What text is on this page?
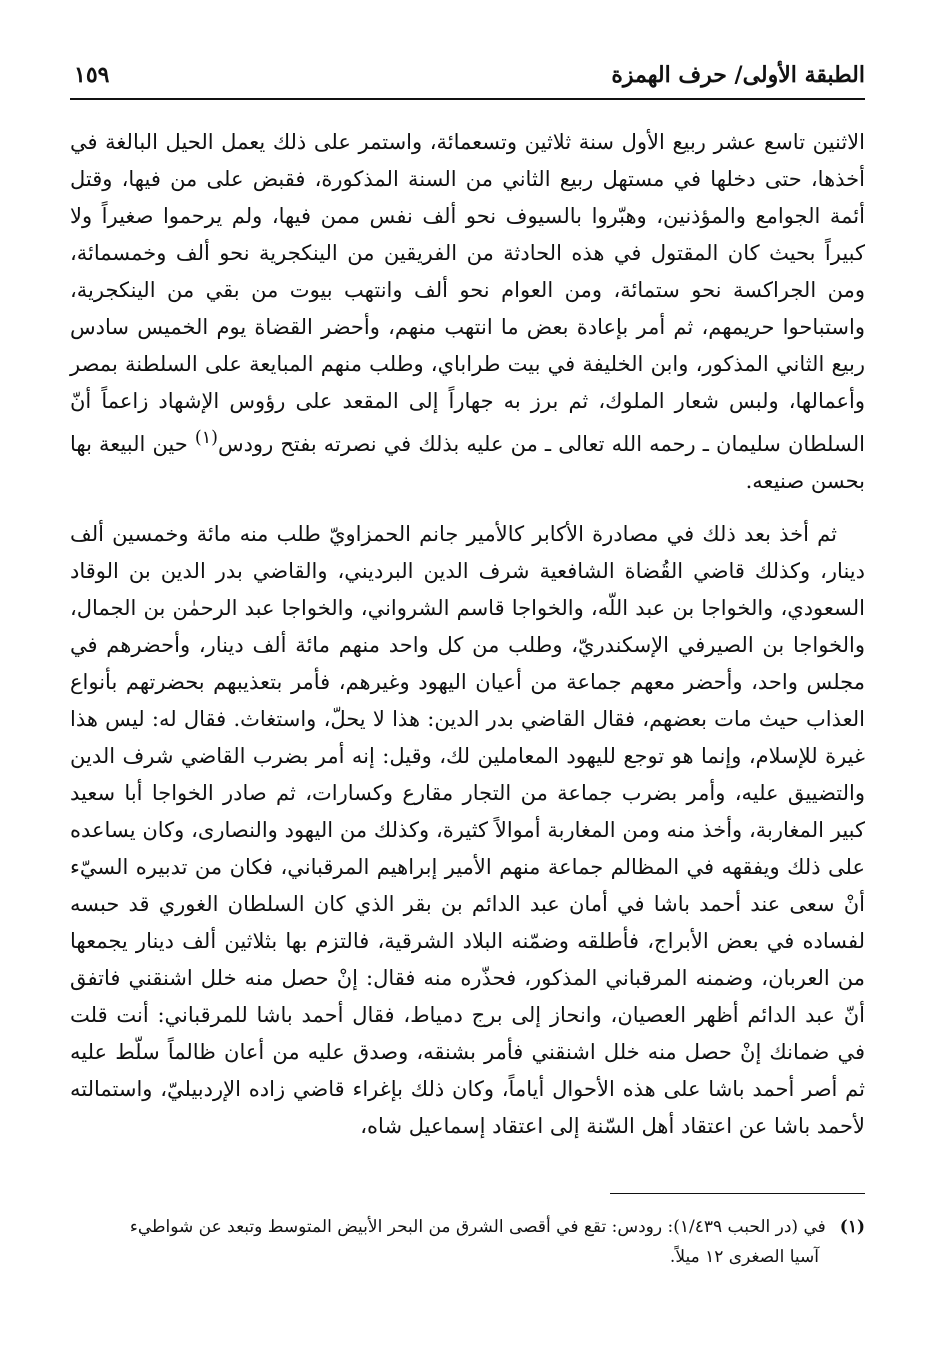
الطبقة الأولى/ حرف الهمزة
١٥٩

الاثنين تاسع عشر ربيع الأول سنة ثلاثين وتسعمائة، واستمر على ذلك يعمل الحيل البالغة في أخذها، حتى دخلها في مستهل ربيع الثاني من السنة المذكورة، فقبض على من فيها، وقتل أئمة الجوامع والمؤذنين، وهبّروا بالسيوف نحو ألف نفس ممن فيها، ولم يرحموا صغيراً ولا كبيراً بحيث كان المقتول في هذه الحادثة من الفريقين من الينكجرية نحو ألف وخمسمائة، ومن الجراكسة نحو ستمائة، ومن العوام نحو ألف وانتهب بيوت من بقي من الينكجرية، واستباحوا حريمهم، ثم أمر بإعادة بعض ما انتهب منهم، وأحضر القضاة يوم الخميس سادس ربيع الثاني المذكور، وابن الخليفة في بيت طراباي، وطلب منهم المبايعة على السلطنة بمصر وأعمالها، ولبس شعار الملوك، ثم برز به جهاراً إلى المقعد على رؤوس الإشهاد زاعماً أنّ السلطان سليمان ـ رحمه الله تعالى ـ من عليه بذلك في نصرته بفتح رودس$^{(١)}$ حين البيعة بها بحسن صنيعه.

ثم أخذ بعد ذلك في مصادرة الأكابر كالأمير جانم الحمزاويّ طلب منه مائة وخمسين ألف دينار، وكذلك قاضي القُضاة الشافعية شرف الدين البرديني، والقاضي بدر الدين بن الوقاد السعودي، والخواجا بن عبد اللّه، والخواجا قاسم الشرواني، والخواجا عبد الرحمٰن بن الجمال، والخواجا بن الصيرفي الإسكندريّ، وطلب من كل واحد منهم مائة ألف دينار، وأحضرهم في مجلس واحد، وأحضر معهم جماعة من أعيان اليهود وغيرهم، فأمر بتعذيبهم بحضرتهم بأنواع العذاب حيث مات بعضهم، فقال القاضي بدر الدين: هذا لا يحلّ، واستغاث. فقال له: ليس هذا غيرة للإسلام، وإنما هو توجع لليهود المعاملين لك، وقيل: إنه أمر بضرب القاضي شرف الدين والتضييق عليه، وأمر بضرب جماعة من التجار مقارع وكسارات، ثم صادر الخواجا أبا سعيد كبير المغاربة، وأخذ منه ومن المغاربة أموالاً كثيرة، وكذلك من اليهود والنصارى، وكان يساعده على ذلك ويفقهه في المظالم جماعة منهم الأمير إبراهيم المرقباني، فكان من تدبيره السيّء أنْ سعى عند أحمد باشا في أمان عبد الدائم بن بقر الذي كان السلطان الغوري قد حبسه لفساده في بعض الأبراج، فأطلقه وضمّنه البلاد الشرقية، فالتزم بها بثلاثين ألف دينار يجمعها من العربان، وضمنه المرقباني المذكور، فحذّره منه فقال: إنْ حصل منه خلل اشنقني فاتفق أنّ عبد الدائم أظهر العصيان، وانحاز إلى برج دمياط، فقال أحمد باشا للمرقباني: أنت قلت في ضمانك إنْ حصل منه خلل اشنقني فأمر بشنقه، وصدق عليه من أعان ظالماً سلّط عليه ثم أصر أحمد باشا على هذه الأحوال أياماً، وكان ذلك بإغراء قاضي زاده الإردبيليّ، واستمالته لأحمد باشا عن اعتقاد أهل السّنة إلى اعتقاد إسماعيل شاه،

(١)في (در الحبب ١/٤٣٩): رودس: تقع في أقصى الشرق من البحر الأبيض المتوسط وتبعد عن شواطيء
آسيا الصغرى ١٢ ميلاً.
